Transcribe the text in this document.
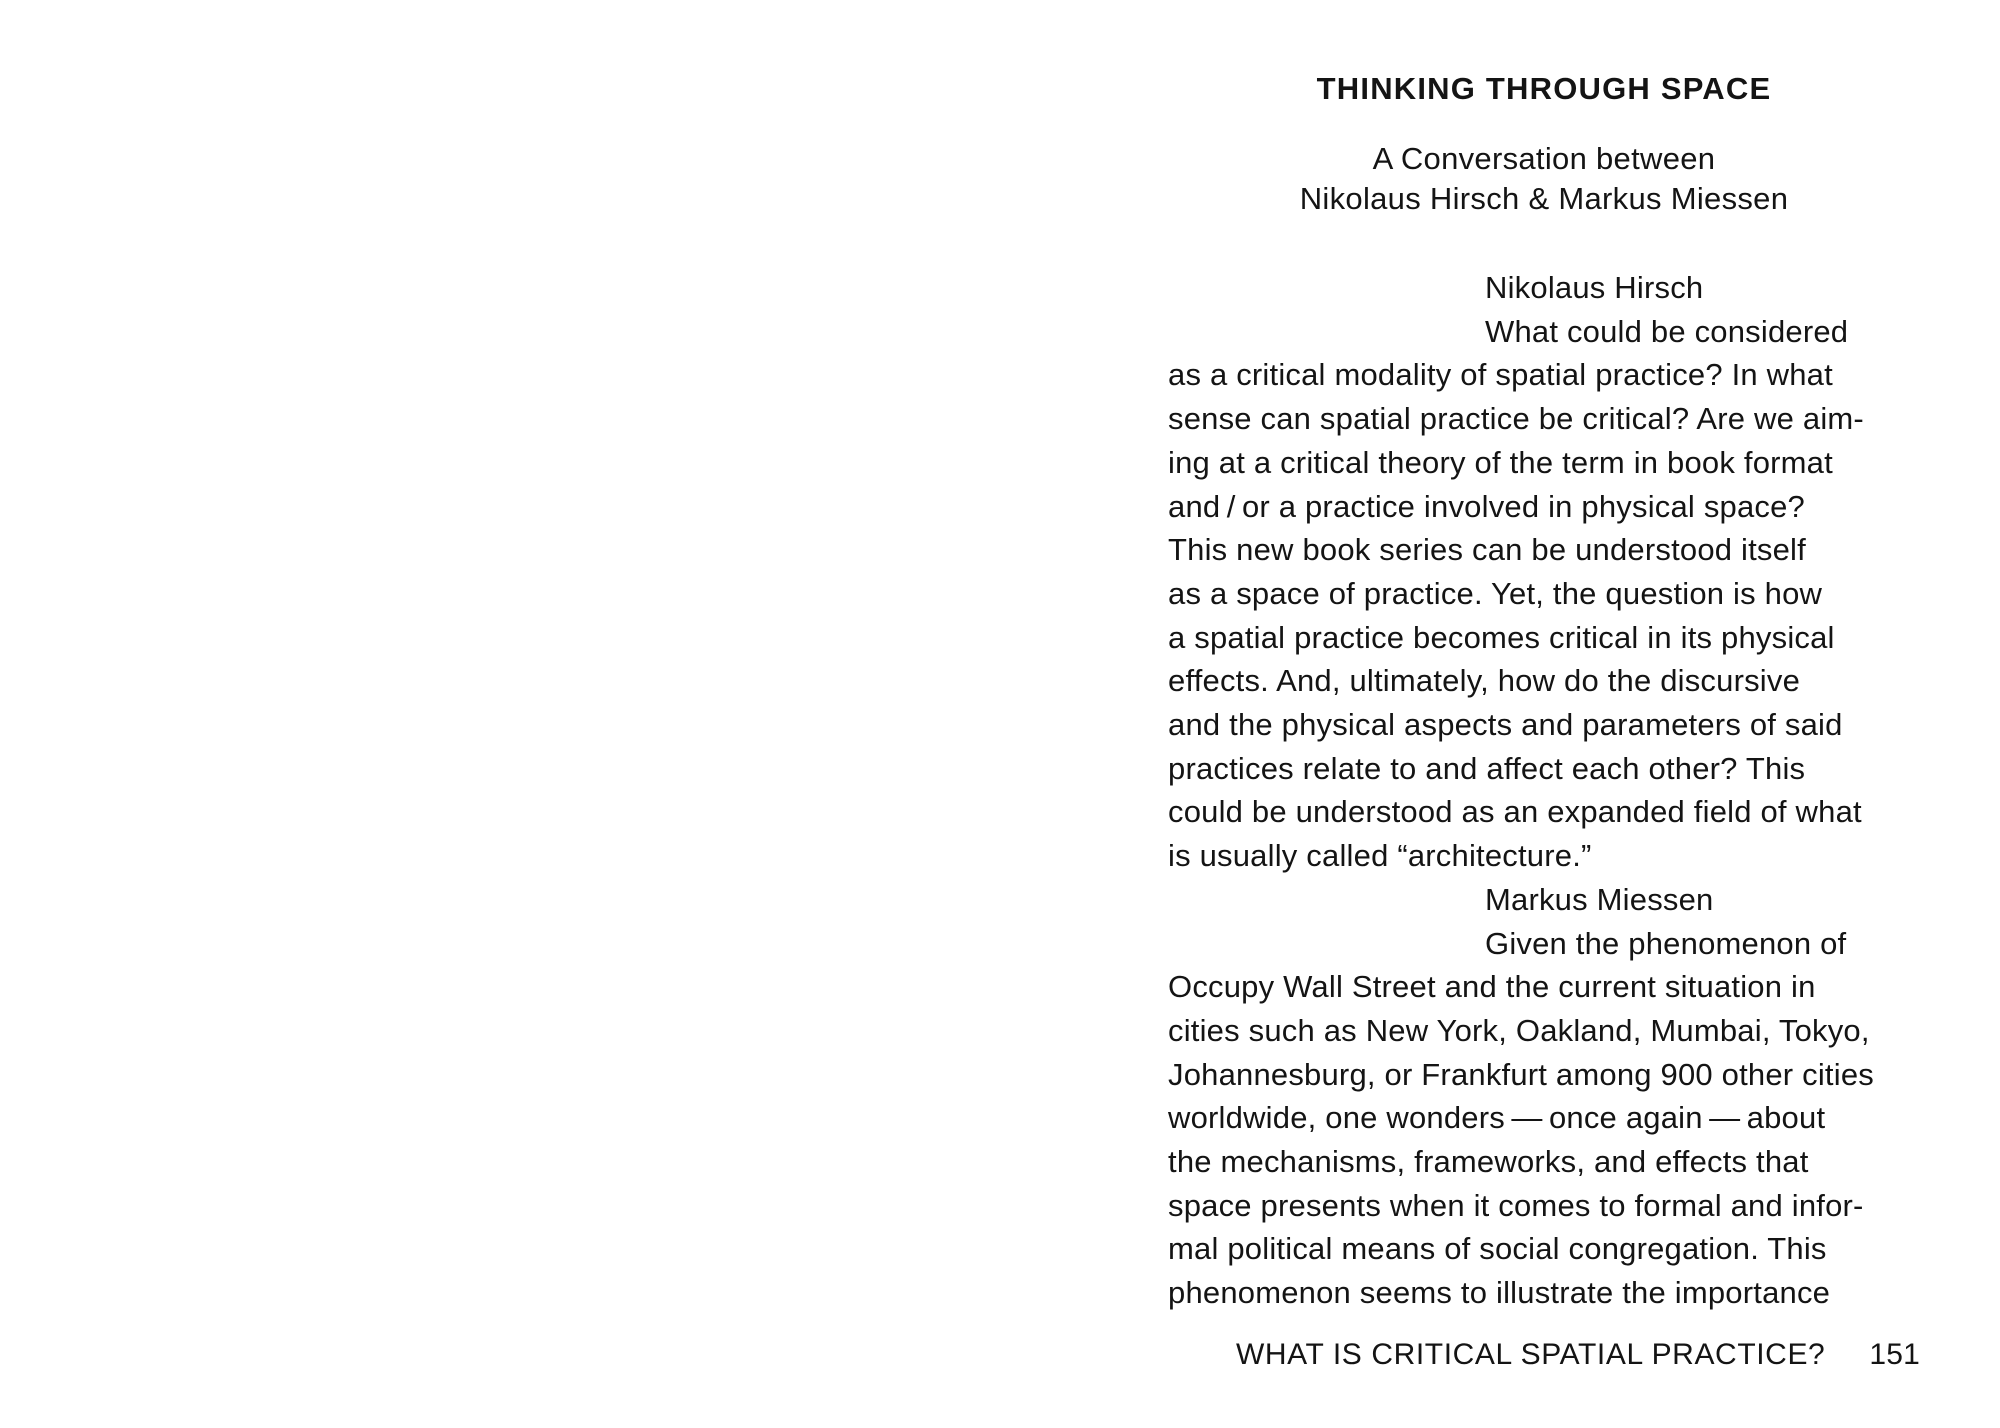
THINKING THROUGH SPACE
A Conversation between
Nikolaus Hirsch & Markus Miessen
Nikolaus Hirsch
What could be considered
as a critical modality of spatial practice? In what
sense can spatial practice be critical? Are we aim-
ing at a critical theory of the term in book format
and / or a practice involved in physical space?
This new book series can be understood itself
as a space of practice. Yet, the question is how
a spatial practice becomes critical in its physical
effects. And, ultimately, how do the discursive
and the physical aspects and parameters of said
practices relate to and affect each other? This
could be understood as an expanded field of what
is usually called “architecture.”
Markus Miessen
Given the phenomenon of
Occupy Wall Street and the current situation in
cities such as New York, Oakland, Mumbai, Tokyo,
Johannesburg, or Frankfurt among 900 other cities
worldwide, one wonders — once again — about
the mechanisms, frameworks, and effects that
space presents when it comes to formal and infor-
mal political means of social congregation. This
phenomenon seems to illustrate the importance
WHAT IS CRITICAL SPATIAL PRACTICE? 151
